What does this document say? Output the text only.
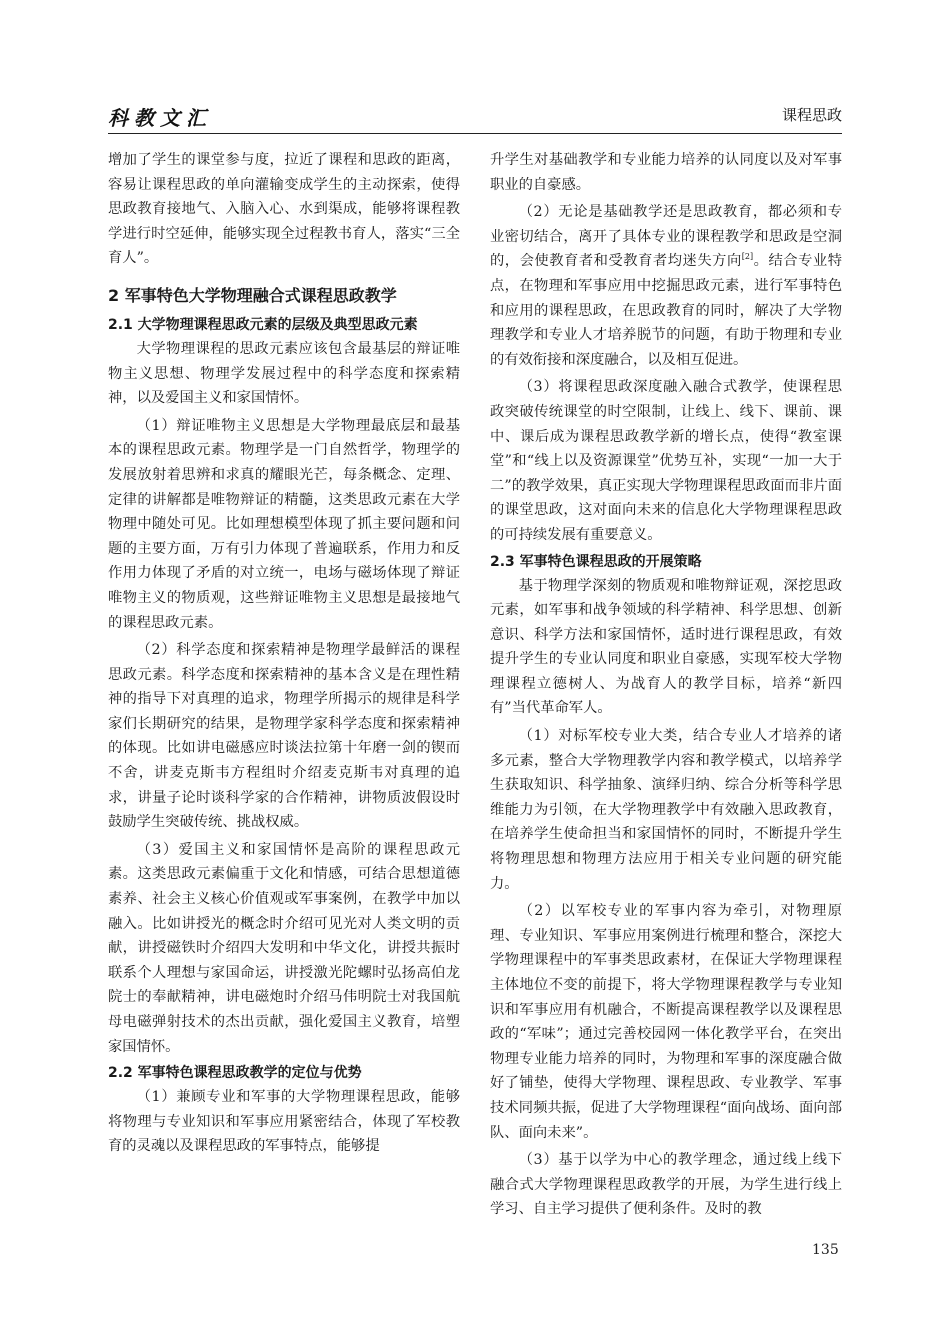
科教文汇	课程思政

增加了学生的课堂参与度，拉近了课程和思政的距离，容易让课程思政的单向灌输变成学生的主动探索，使得思政教育接地气、入脑入心、水到渠成，能够将课程教学进行时空延伸，能够实现全过程教书育人，落实“三全育人”。

2 军事特色大学物理融合式课程思政教学
2.1 大学物理课程思政元素的层级及典型思政元素

大学物理课程的思政元素应该包含最基层的辩证唯物主义思想、物理学发展过程中的科学态度和探索精神，以及爱国主义和家国情怀。

（1）辩证唯物主义思想是大学物理最底层和最基本的课程思政元素。物理学是一门自然哲学，物理学的发展放射着思辨和求真的耀眼光芒，每条概念、定理、定律的讲解都是唯物辩证的精髓，这类思政元素在大学物理中随处可见。比如理想模型体现了抓主要问题和问题的主要方面，万有引力体现了普遍联系，作用力和反作用力体现了矛盾的对立统一，电场与磁场体现了辩证唯物主义的物质观，这些辩证唯物主义思想是最接地气的课程思政元素。

（2）科学态度和探索精神是物理学最鲜活的课程思政元素。科学态度和探索精神的基本含义是在理性精神的指导下对真理的追求，物理学所揭示的规律是科学家们长期研究的结果，是物理学家科学态度和探索精神的体现。比如讲电磁感应时谈法拉第十年磨一剑的锲而不舍，讲麦克斯韦方程组时介绍麦克斯韦对真理的追求，讲量子论时谈科学家的合作精神，讲物质波假设时鼓励学生突破传统、挑战权威。

（3）爱国主义和家国情怀是高阶的课程思政元素。这类思政元素偏重于文化和情感，可结合思想道德素养、社会主义核心价值观或军事案例，在教学中加以融入。比如讲授光的概念时介绍可见光对人类文明的贡献，讲授磁铁时介绍四大发明和中华文化，讲授共振时联系个人理想与家国命运，讲授激光陀螺时弘扬高伯龙院士的奉献精神，讲电磁炮时介绍马伟明院士对我国航母电磁弹射技术的杰出贡献，强化爱国主义教育，培塑家国情怀。

2.2 军事特色课程思政教学的定位与优势

（1）兼顾专业和军事的大学物理课程思政，能够将物理与专业知识和军事应用紧密结合，体现了军校教育的灵魂以及课程思政的军事特点，能够提

升学生对基础教学和专业能力培养的认同度以及对军事职业的自豪感。

（2）无论是基础教学还是思政教育，都必须和专业密切结合，离开了具体专业的课程教学和思政是空洞的，会使教育者和受教育者均迷失方向[2]。结合专业特点，在物理和军事应用中挖掘思政元素，进行军事特色和应用的课程思政，在思政教育的同时，解决了大学物理教学和专业人才培养脱节的问题，有助于物理和专业的有效衔接和深度融合，以及相互促进。

（3）将课程思政深度融入融合式教学，使课程思政突破传统课堂的时空限制，让线上、线下、课前、课中、课后成为课程思政教学新的增长点，使得“教室课堂”和“线上以及资源课堂”优势互补，实现“一加一大于二”的教学效果，真正实现大学物理课程思政面而非片面的课堂思政，这对面向未来的信息化大学物理课程思政的可持续发展有重要意义。

2.3 军事特色课程思政的开展策略

基于物理学深刻的物质观和唯物辩证观，深挖思政元素，如军事和战争领域的科学精神、科学思想、创新意识、科学方法和家国情怀，适时进行课程思政，有效提升学生的专业认同度和职业自豪感，实现军校大学物理课程立德树人、为战育人的教学目标，培养“新四有”当代革命军人。

（1）对标军校专业大类，结合专业人才培养的诸多元素，整合大学物理教学内容和教学模式，以培养学生获取知识、科学抽象、演绎归纳、综合分析等科学思维能力为引领，在大学物理教学中有效融入思政教育，在培养学生使命担当和家国情怀的同时，不断提升学生将物理思想和物理方法应用于相关专业问题的研究能力。

（2）以军校专业的军事内容为牵引，对物理原理、专业知识、军事应用案例进行梳理和整合，深挖大学物理课程中的军事类思政素材，在保证大学物理课程主体地位不变的前提下，将大学物理课程教学与专业知识和军事应用有机融合，不断提高课程教学以及课程思政的“军味”；通过完善校园网一体化教学平台，在突出物理专业能力培养的同时，为物理和军事的深度融合做好了铺垫，使得大学物理、课程思政、专业教学、军事技术同频共振，促进了大学物理课程“面向战场、面向部队、面向未来”。

（3）基于以学为中心的教学理念，通过线上线下融合式大学物理课程思政教学的开展，为学生进行线上学习、自主学习提供了便利条件。及时的教

135
